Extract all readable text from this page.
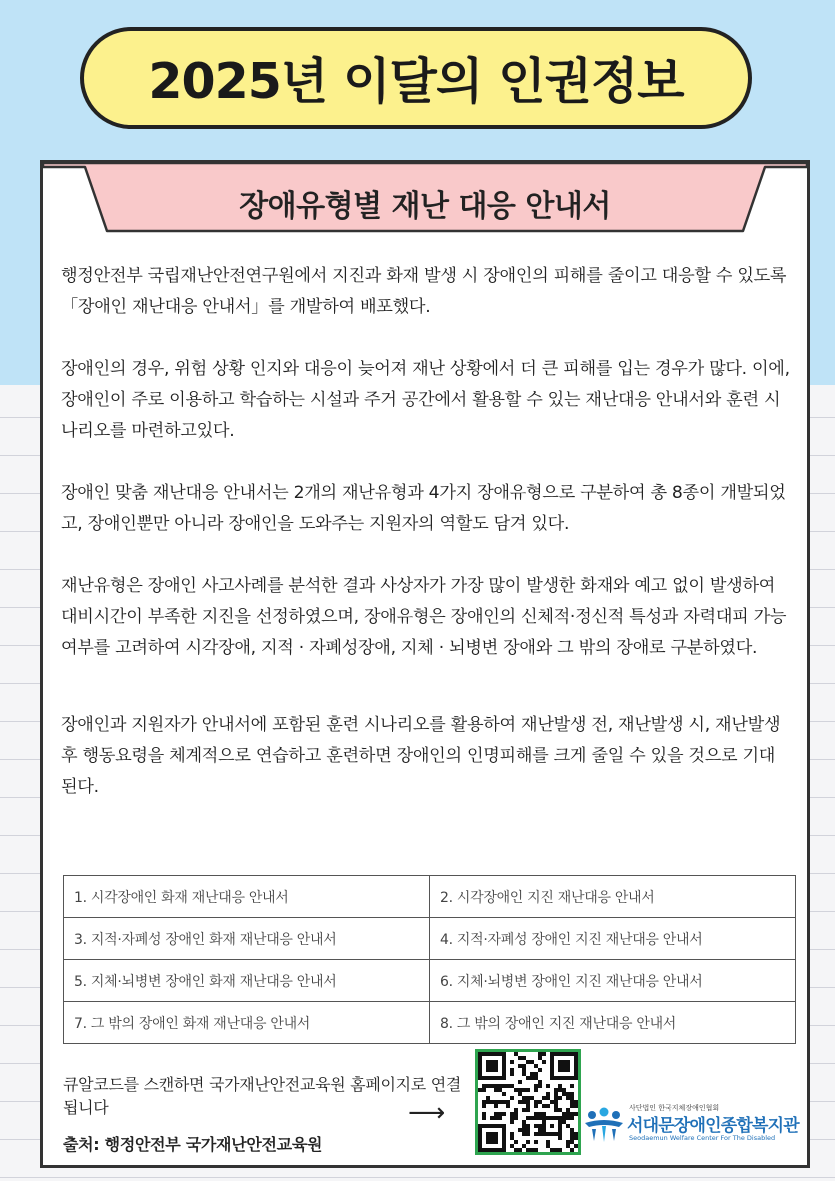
2025년 이달의 인권정보
장애유형별 재난 대응 안내서

행정안전부 국립재난안전연구원에서 지진과 화재 발생 시 장애인의 피해를 줄이고 대응할 수 있도록 「장애인 재난대응 안내서」를 개발하여 배포했다.

장애인의 경우, 위험 상황 인지와 대응이 늦어져 재난 상황에서 더 큰 피해를 입는 경우가 많다. 이에, 장애인이 주로 이용하고 학습하는 시설과 주거 공간에서 활용할 수 있는 재난대응 안내서와 훈련 시나리오를 마련하고있다.

장애인 맞춤 재난대응 안내서는 2개의 재난유형과 4가지 장애유형으로 구분하여 총 8종이 개발되었고, 장애인뿐만 아니라 장애인을 도와주는 지원자의 역할도 담겨 있다.

재난유형은 장애인 사고사례를 분석한 결과 사상자가 가장 많이 발생한 화재와 예고 없이 발생하여 대비시간이 부족한 지진을 선정하였으며, 장애유형은 장애인의 신체적·정신적 특성과 자력대피 가능 여부를 고려하여 시각장애, 지적 · 자폐성장애, 지체 · 뇌병변 장애와 그 밖의 장애로 구분하였다.

장애인과 지원자가 안내서에 포함된 훈련 시나리오를 활용하여 재난발생 전, 재난발생 시, 재난발생 후 행동요령을 체계적으로 연습하고 훈련하면 장애인의 인명피해를 크게 줄일 수 있을 것으로 기대된다.

1. 시각장애인 화재 재난대응 안내서	2. 시각장애인 지진 재난대응 안내서
3. 지적·자폐성 장애인 화재 재난대응 안내서	4. 지적·자폐성 장애인 지진 재난대응 안내서
5. 지체·뇌병변 장애인 화재 재난대응 안내서	6. 지체·뇌병변 장애인 지진 재난대응 안내서
7. 그 밖의 장애인 화재 재난대응 안내서	8. 그 밖의 장애인 지진 재난대응 안내서
큐알코드를 스캔하면 국가재난안전교육원 홈페이지로 연결됩니다	⟶
출처: 행정안전부 국가재난안전교육원
사단법인 한국지체장애인협회
서대문장애인종합복지관
Seodaemun Welfare Center For The Disabled
